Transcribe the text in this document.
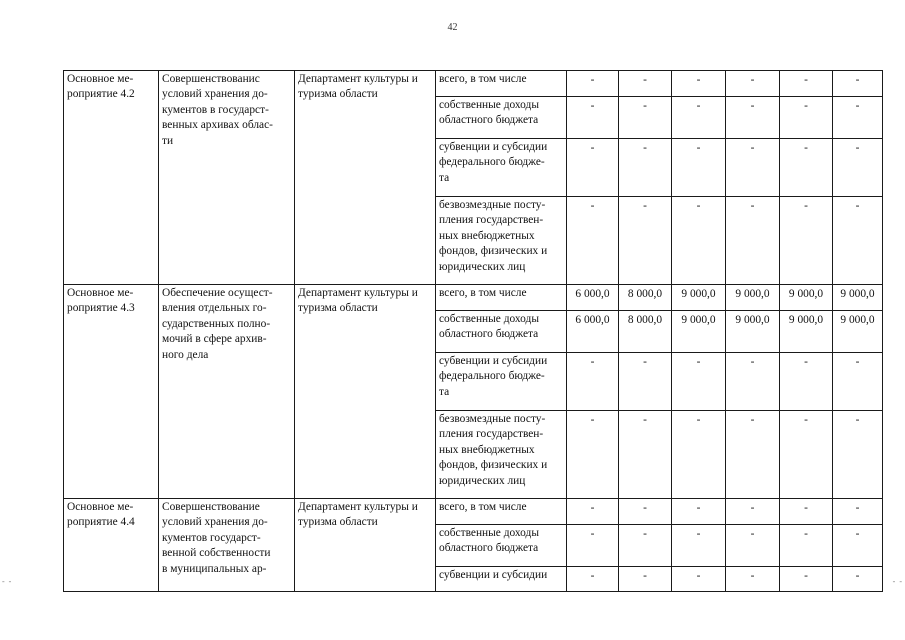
42
Основное ме-
роприятие 4.2	Совершенствованис
условий хранения до-
кументов в государст-
венных архивах облас-
ти	Департамент культуры и
туризма области	всего, в том числе	-	-	-	-	-	-
			собственные доходы
областного бюджета	-	-	-	-	-	-
			субвенции и субсидии
федерального бюдже-
та	-	-	-	-	-	-
			безвозмездные посту-
пления государствен-
ных внебюджетных
фондов, физических и
юридических лиц	-	-	-	-	-	-
Основное ме-
роприятие 4.3	Обеспечение осущест-
вления отдельных го-
сударственных полно-
мочий в сфере архив-
ного дела	Департамент культуры и
туризма области	всего, в том числе	6 000,0	8 000,0	9 000,0	9 000,0	9 000,0	9 000,0
			собственные доходы
областного бюджета	6 000,0	8 000,0	9 000,0	9 000,0	9 000,0	9 000,0
			субвенции и субсидии
федерального бюдже-
та	-	-	-	-	-	-
			безвозмездные посту-
пления государствен-
ных внебюджетных
фондов, физических и
юридических лиц	-	-	-	-	-	-
Основное ме-
роприятие 4.4	Совершенствование
условий хранения до-
кументов государст-
венной собственности
в муниципальных ар-	Департамент культуры и
туризма области	всего, в том числе	-	-	-	-	-	-
			собственные доходы
областного бюджета	-	-	-	-	-	-
			субвенции и субсидии	-	-	-	-	-	-
- -	- -
